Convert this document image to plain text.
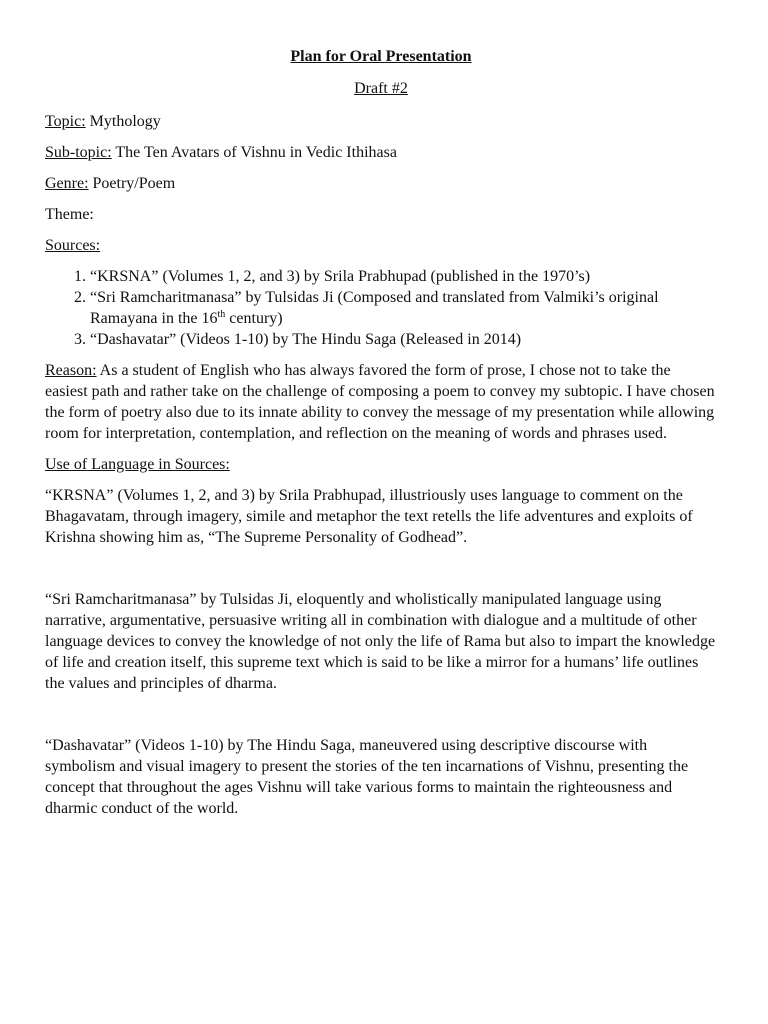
Plan for Oral Presentation

Draft #2

Topic: Mythology

Sub-topic: The Ten Avatars of Vishnu in Vedic Ithihasa

Genre: Poetry/Poem

Theme:

Sources:

1. “KRSNA” (Volumes 1, 2, and 3) by Srila Prabhupad (published in the 1970’s)
2. “Sri Ramcharitmanasa” by Tulsidas Ji (Composed and translated from Valmiki’s original Ramayana in the 16th century)
3. “Dashavatar” (Videos 1-10) by The Hindu Saga (Released in 2014)

Reason: As a student of English who has always favored the form of prose, I chose not to take the easiest path and rather take on the challenge of composing a poem to convey my subtopic. I have chosen the form of poetry also due to its innate ability to convey the message of my presentation while allowing room for interpretation, contemplation, and reflection on the meaning of words and phrases used.

Use of Language in Sources:

“KRSNA” (Volumes 1, 2, and 3) by Srila Prabhupad, illustriously uses language to comment on the Bhagavatam, through imagery, simile and metaphor the text retells the life adventures and exploits of Krishna showing him as, “The Supreme Personality of Godhead”.

“Sri Ramcharitmanasa” by Tulsidas Ji, eloquently and wholistically manipulated language using narrative, argumentative, persuasive writing all in combination with dialogue and a multitude of other language devices to convey the knowledge of not only the life of Rama but also to impart the knowledge of life and creation itself, this supreme text which is said to be like a mirror for a humans’ life outlines the values and principles of dharma.

“Dashavatar” (Videos 1-10) by The Hindu Saga, maneuvered using descriptive discourse with symbolism and visual imagery to present the stories of the ten incarnations of Vishnu, presenting the concept that throughout the ages Vishnu will take various forms to maintain the righteousness and dharmic conduct of the world.
